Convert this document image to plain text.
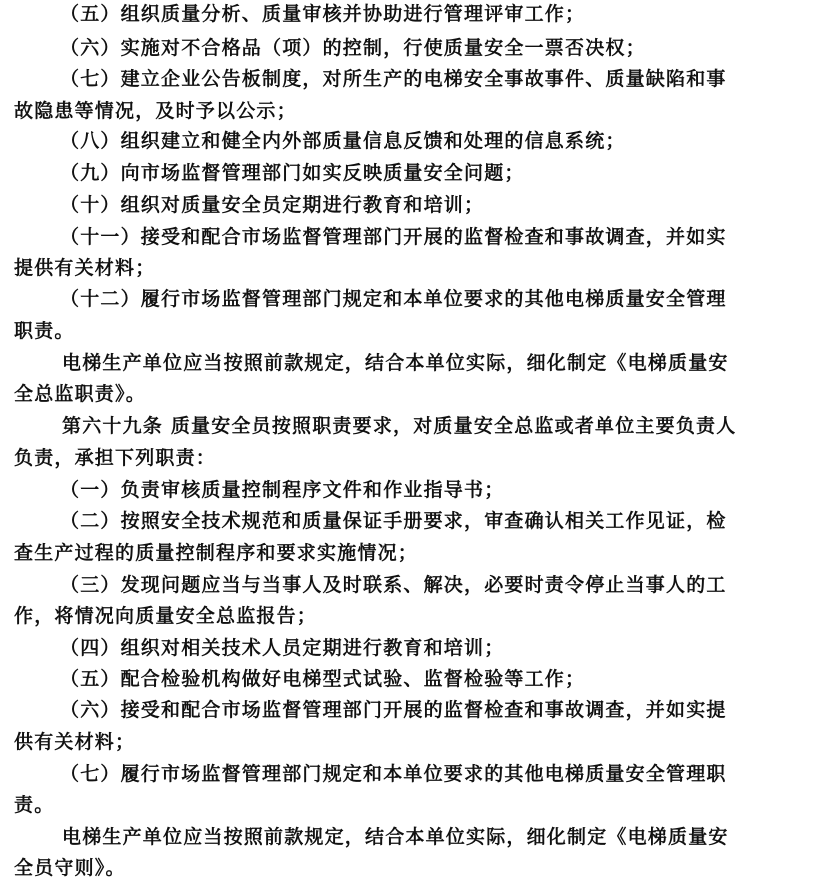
（五）组织质量分析、质量审核并协助进行管理评审工作；
（六）实施对不合格品（项）的控制，行使质量安全一票否决权；
（七）建立企业公告板制度，对所生产的电梯安全事故事件、质量缺陷和事
故隐患等情况，及时予以公示；
（八）组织建立和健全内外部质量信息反馈和处理的信息系统；
（九）向市场监督管理部门如实反映质量安全问题；
（十）组织对质量安全员定期进行教育和培训；
（十一）接受和配合市场监督管理部门开展的监督检查和事故调查，并如实
提供有关材料；
（十二）履行市场监督管理部门规定和本单位要求的其他电梯质量安全管理
职责。
电梯生产单位应当按照前款规定，结合本单位实际，细化制定《电梯质量安
全总监职责》。
第六十九条 质量安全员按照职责要求，对质量安全总监或者单位主要负责人
负责，承担下列职责：
（一）负责审核质量控制程序文件和作业指导书；
（二）按照安全技术规范和质量保证手册要求，审查确认相关工作见证，检
查生产过程的质量控制程序和要求实施情况；
（三）发现问题应当与当事人及时联系、解决，必要时责令停止当事人的工
作，将情况向质量安全总监报告；
（四）组织对相关技术人员定期进行教育和培训；
（五）配合检验机构做好电梯型式试验、监督检验等工作；
（六）接受和配合市场监督管理部门开展的监督检查和事故调查，并如实提
供有关材料；
（七）履行市场监督管理部门规定和本单位要求的其他电梯质量安全管理职
责。
电梯生产单位应当按照前款规定，结合本单位实际，细化制定《电梯质量安
全员守则》。
